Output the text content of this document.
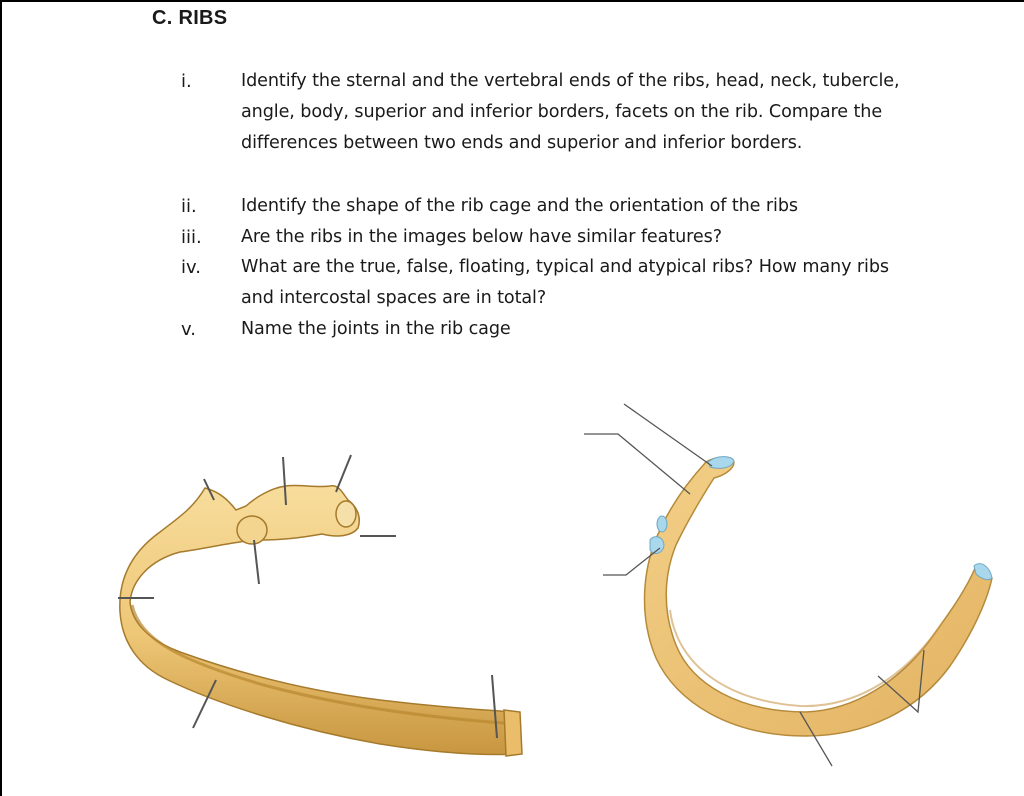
C. RIBS
i.	Identify the sternal and the vertebral ends of the ribs, head, neck, tubercle, angle, body, superior and inferior borders, facets on the rib. Compare the differences between two ends and superior and inferior borders.
ii.	Identify the shape of the rib cage and the orientation of the ribs
iii. Are the ribs in the images below have similar features?
iv. What are the true, false, floating, typical and atypical ribs? How many ribs and intercostal spaces are in total?
v.	Name the joints in the rib cage
